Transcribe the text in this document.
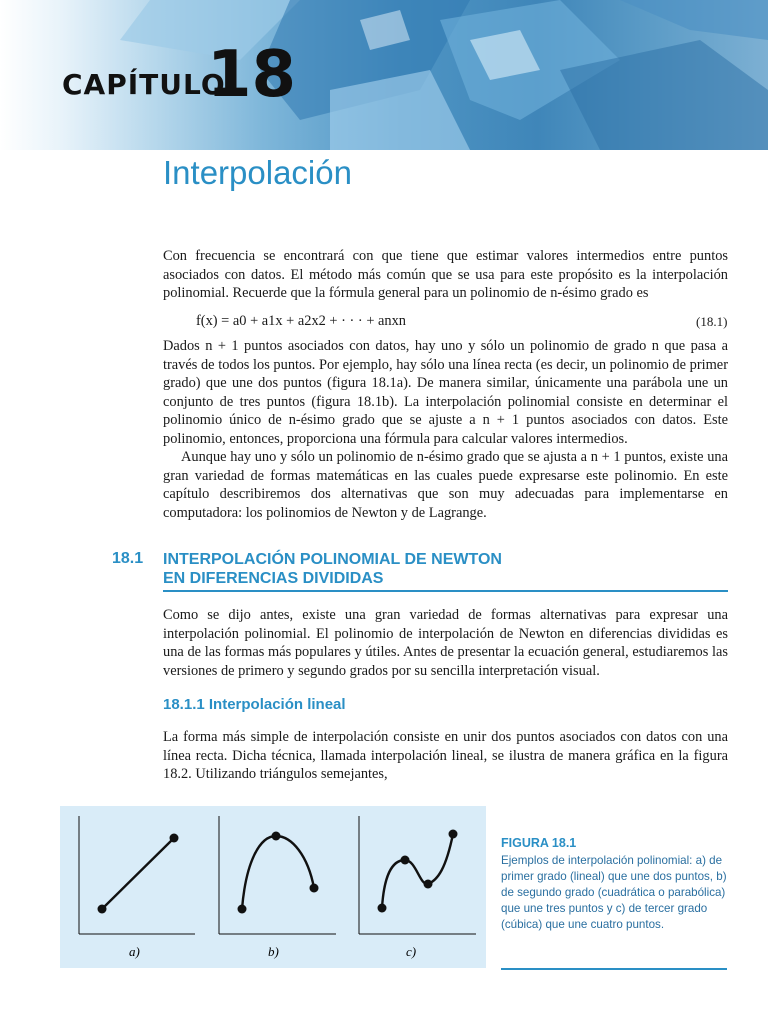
CAPÍTULO
18
Interpolación

Con frecuencia se encontrará con que tiene que estimar valores intermedios entre puntos asociados con datos. El método más común que se usa para este propósito es la interpolación polinomial. Recuerde que la fórmula general para un polinomio de n-ésimo grado es

f(x) = a0 + a1x + a2x2 + · · · + anxn	(18.1)

Dados n + 1 puntos asociados con datos, hay uno y sólo un polinomio de grado n que pasa a través de todos los puntos. Por ejemplo, hay sólo una línea recta (es decir, un polinomio de primer grado) que une dos puntos (figura 18.1a). De manera similar, únicamente una parábola une un conjunto de tres puntos (figura 18.1b). La interpolación polinomial consiste en determinar el polinomio único de n-ésimo grado que se ajuste a n + 1 puntos asociados con datos. Este polinomio, entonces, proporciona una fórmula para calcular valores intermedios.

Aunque hay uno y sólo un polinomio de n-ésimo grado que se ajusta a n + 1 puntos, existe una gran variedad de formas matemáticas en las cuales puede expresarse este polinomio. En este capítulo describiremos dos alternativas que son muy adecuadas para implementarse en computadora: los polinomios de Newton y de Lagrange.

18.1 INTERPOLACIÓN POLINOMIAL DE NEWTON
EN DIFERENCIAS DIVIDIDAS

Como se dijo antes, existe una gran variedad de formas alternativas para expresar una interpolación polinomial. El polinomio de interpolación de Newton en diferencias divididas es una de las formas más populares y útiles. Antes de presentar la ecuación general, estudiaremos las versiones de primero y segundo grados por su sencilla interpretación visual.

18.1.1 Interpolación lineal

La forma más simple de interpolación consiste en unir dos puntos asociados con datos con una línea recta. Dicha técnica, llamada interpolación lineal, se ilustra de manera gráfica en la figura 18.2. Utilizando triángulos semejantes,

a)	b)	c)
FIGURA 18.1
Ejemplos de interpolación polinomial: a) de primer grado (lineal) que une dos puntos, b) de segundo grado (cuadrática o parabólica) que une tres puntos y c) de tercer grado (cúbica) que une cuatro puntos.
